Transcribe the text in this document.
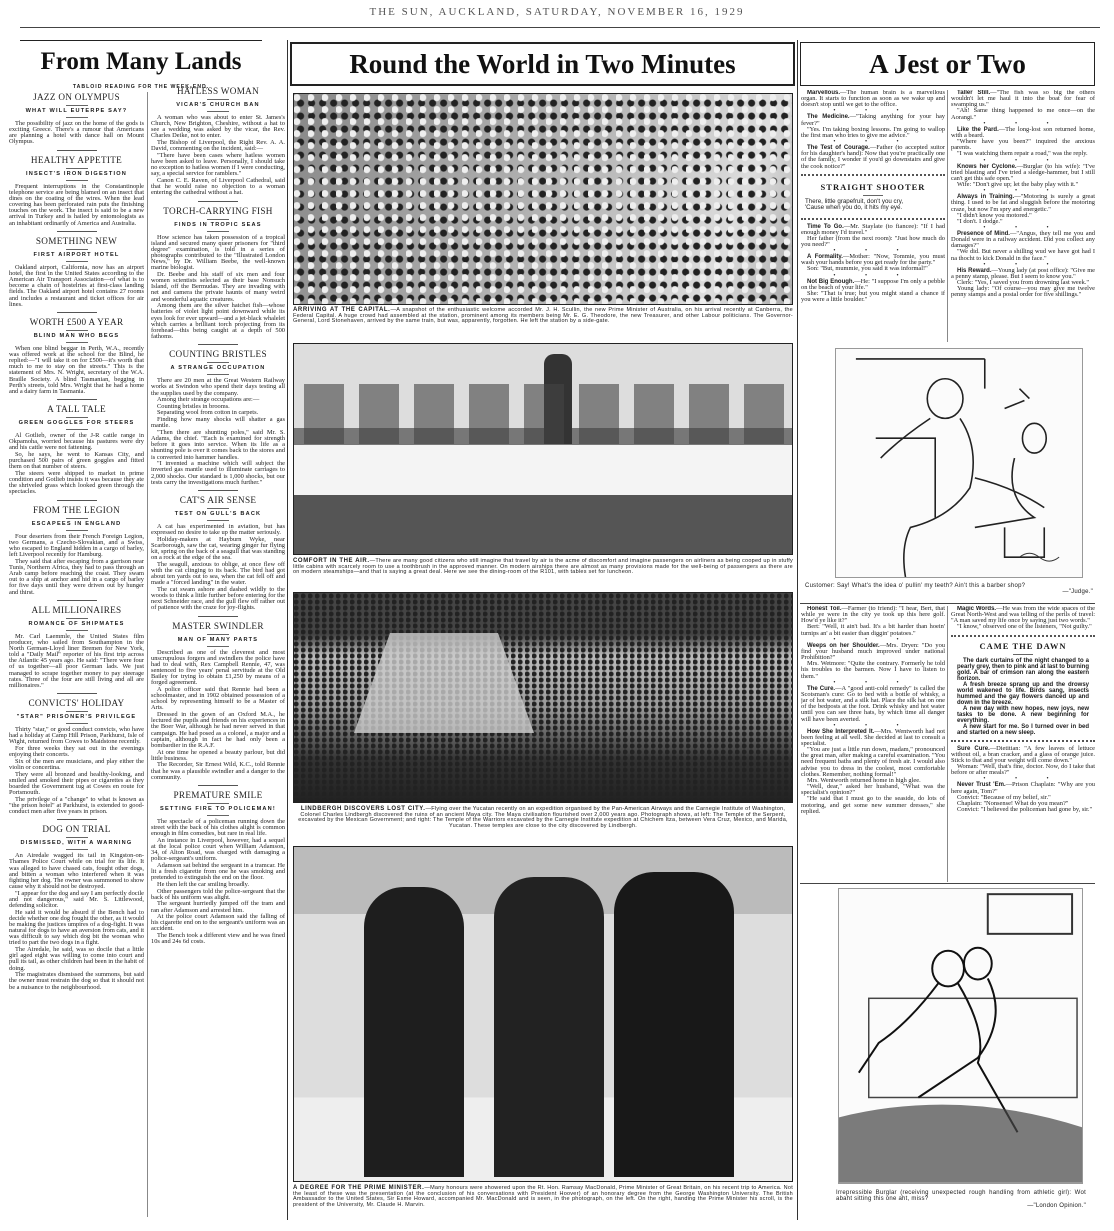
THE SUN, AUCKLAND, SATURDAY, NOVEMBER 16, 1929
From Many Lands
TABLOID READING FOR THE WEEK-END.
JAZZ ON OLYMPUS
WHAT WILL EUTERPE SAY?

The possibility of jazz on the home of the gods is exciting Greece. There's a rumour that Americans are planning a hotel with dance hall on Mount Olympus.

HEALTHY APPETITE
INSECT'S IRON DIGESTION

Frequent interruptions in the Constantinople telephone service are being blamed on an insect that dines on the coating of the wires. When the lead covering has been perforated rain puts the finishing touches on the work. The insect is said to be a new arrival in Turkey and is hailed by entomologists as an inhabitant ordinarily of America and Australia.

SOMETHING NEW
FIRST AIRPORT HOTEL

Oakland airport, California, now has an airport hotel, the first in the United States according to the American Air Transport Association—of what is to become a chain of hostelries at first-class landing fields. The Oakland airport hotel contains 27 rooms and includes a restaurant and ticket offices for air lines.

WORTH £500 A YEAR
BLIND MAN WHO BEGS

When one blind beggar in Perth, W.A., recently was offered work at the school for the Blind, he replied:—"I will take it on for £500—it's worth that much to me to stay on the streets." This is the statement of Mrs. N. Wright, secretary of the W.A. Braille Society. A blind Tasmanian, begging in Perth's streets, told Mrs. Wright that he had a home and a dairy farm in Tasmania.

A TALL TALE
GREEN GOGGLES FOR STEERS

Al Gotlieb, owner of the J-R cattle range in Okpamoha, worried because his pastures were dry and his cattle were not fattening.

So, he says, he went to Kansas City, and purchased 500 pairs of green goggles and fitted them on that number of steers.

The steers were shipped to market in prime condition and Gotlieb insists it was because they ate the shriveled grass which looked green through the spectacles.

FROM THE LEGION
ESCAPEES IN ENGLAND

Four deserters from their French Foreign Legion, two Germans, a Czecho-Slovakian, and a Swiss, who escaped to England hidden in a cargo of barley, left Liverpool recently for Hamburg.

They said that after escaping from a garrison near Tunis, Northern Africa, they had to pass through an Arab camp before reaching the coast. They swam out to a ship at anchor and hid in a cargo of barley for five days until they were driven out by hunger and thirst.

ALL MILLIONAIRES
ROMANCE OF SHIPMATES

Mr. Carl Laemmle, the United States film producer, who sailed from Southampton in the North German-Lloyd liner Bremen for New York, told a "Daily Mail" reporter of his first trip across the Atlantic 45 years ago. He said: "There were four of us together—all poor German lads. We just managed to scrape together money to pay steerage rates. Three of the four are still living and all are millionaires."

CONVICTS' HOLIDAY
"STAR" PRISONER'S PRIVILEGE

Thirty "star," or good conduct convicts, who have had a holiday at Camp Hill Prison, Parkhurst, Isle of Wight, returned from Cowes to Maidstone recently.

For three weeks they sat out in the evenings enjoying their concerts.

Six of the men are musicians, and play either the violin or concertina.

They were all bronzed and healthy-looking, and smiled and smoked their pipes or cigarettes as they boarded the Government tug at Cowes en route for Portsmouth.

The privilege of a "change" to what is known as "the prison hotel" at Parkhurst, is extended to good-conduct men after five years in prison.

DOG ON TRIAL
DISMISSED, WITH A WARNING

An Airedale wagged its tail in Kingston-on-Thames Police Court while on trial for its life. It was alleged to have chased cats, fought other dogs, and bitten a woman who interfered when it was fighting her dog. The owner was summoned to show cause why it should not be destroyed.

"I appear for the dog and say I am perfectly docile and not dangerous," said Mr. S. Littlewood, defending solicitor.

He said it would be absurd if the Bench had to decide whether one dog fought the other, as it would be making the justices umpires of a dog-fight. It was natural for dogs to have an aversion from cats, and it was difficult to say which dog bit the woman who tried to part the two dogs in a fight.

The Airedale, he said, was so docile that a little girl aged eight was willing to come into court and pull its tail, as other children had been in the habit of doing.

The magistrates dismissed the summons, but said the owner must restrain the dog so that it should not be a nuisance to the neighbourhood.

HATLESS WOMAN
VICAR'S CHURCH BAN

A woman who was about to enter St. James's Church, New Brighton, Cheshire, without a hat to see a wedding was asked by the vicar, the Rev. Charles Deike, not to enter.

The Bishop of Liverpool, the Right Rev. A. A. David, commenting on the incident, said:—

"There have been cases where hatless women have been asked to leave. Personally, I should take no exception to hatless women if I were conducting, say, a special service for ramblers."

Canon C. E. Raven, of Liverpool Cathedral, said that he would raise no objection to a woman entering the cathedral without a hat.

TORCH-CARRYING FISH
FINDS IN TROPIC SEAS

How science has taken possession of a tropical island and secured many queer prisoners for "third degree" examination, is told in a series of photographs contributed to the "Illustrated London News," by Dr. William Beebe, the well-known marine biologist.

Dr. Beebe and his staff of six men and four women scientists selected as their base Nonsuch Island, off the Bermudas. They are invading with net and camera the private haunts of many weird and wonderful aquatic creatures.

Among them are the silver hatchet fish—whose batteries of violet light point downward while its eyes look for ever upward—and a jet-black whalelet which carries a brilliant torch projecting from its forehead—this being caught at a depth of 500 fathoms.

COUNTING BRISTLES
A STRANGE OCCUPATION

There are 20 men at the Great Western Railway works at Swindon who spend their days testing all the supplies used by the company.

Among their strange occupations are:—

Counting bristles in brooms.

Separating wool from cotton in carpets.

Finding how many shocks will shatter a gas mantle.

"Then there are shunting poles," said Mr. S. Adams, the chief. "Each is examined for strength before it goes into service. When its life as a shunting pole is over it comes back to the stores and is converted into hammer handles.

"I invented a machine which will subject the inverted gas mantle used to illuminate carriages to 2,000 shocks. Our standard is 1,000 shocks, but our tests carry the investigations much further."

CAT'S AIR SENSE
TEST ON GULL'S BACK

A cat has experimented in aviation, but has expressed no desire to take up the matter seriously.

Holiday-makers at Hayburn Wyke, near Scarborough, saw the cat, wearing ginger fur flying kit, spring on the back of a seagull that was standing on a rock at the edge of the sea.

The seagull, anxious to oblige, at once flew off with the cat clinging to its back. The bird had got about ten yards out to sea, when the cat fell off and made a "forced landing" in the water.

The cat swam ashore and dashed wildly to the woods to think a little further before entering for the next Schneider race, and the gull flew off rather out of patience with the craze for joy-flights.

MASTER SWINDLER
MAN OF MANY PARTS

Described as one of the cleverest and most unscrupulous forgers and swindlers the police have had to deal with, Rex Campbell Rennie, 47, was sentenced to five years' penal servitude at the Old Bailey for trying to obtain £1,250 by means of a forged agreement.

A police officer said that Rennie had been a schoolmaster, and in 1902 obtained possession of a school by representing himself to be a Master of Arts.

Dressed in the gown of an Oxford M.A., he lectured the pupils and friends on his experiences in the Boer War, although he had never served in that campaign. He had posed as a colonel, a major and a captain, although in fact he had only been a bombardier in the R.A.F.

At one time he opened a beauty parlour, but did little business.

The Recorder, Sir Ernest Wild, K.C., told Rennie that he was a plausible swindler and a danger to the community.

PREMATURE SMILE
SETTING FIRE TO POLICEMAN!

The spectacle of a policeman running down the street with the back of his clothes alight is common enough in film comedies, but rare in real life.

An instance in Liverpool, however, had a sequel at the local police court when William Adamson, 34, of Alton Road, was charged with damaging a police-sergeant's uniform.

Adamson sat behind the sergeant in a tramcar. He lit a fresh cigarette from one he was smoking and pretended to extinguish the end on the floor.

He then left the car smiling broadly.

Other passengers told the police-sergeant that the back of his uniform was alight.

The sergeant hurriedly jumped off the tram and ran after Adamson and arrested him.

At the police court Adamson said the falling of his cigarette end on to the sergeant's uniform was an accident.

The Bench took a different view and he was fined 10s and 24s 6d costs.

Round the World in Two Minutes
ARRIVING AT THE CAPITAL.—A snapshot of the enthusiastic welcome accorded Mr. J. H. Scullin, the new Prime Minister of Australia, on his arrival recently at Canberra, the Federal Capital. A huge crowd had assembled at the station, prominent among its members being Mr. E. G. Theodore, the new Treasurer, and other Labour politicians. The Governor-General, Lord Stonehaven, arrived by the same train, but was, apparently, forgotten. He left the station by a side-gate.
COMFORT IN THE AIR.—There are many good citizens who still imagine that travel by air is the acme of discomfort and imagine passengers on airliners as being cooped up in stuffy little cabins with scarcely room to use a toothbrush in the approved manner. On modern airships there are almost as many provisions made for the well-being of passengers as there are on modern steamships—and that is saying a great deal. Here we see the dining-room of the R101, with tables set for luncheon.
LINDBERGH DISCOVERS LOST CITY.—Flying over the Yucatan recently on an expedition organised by the Pan-American Airways and the Carnegie Institute of Washington, Colonel Charles Lindbergh discovered the ruins of an ancient Maya city. The Maya civilisation flourished over 2,000 years ago. Photograph shows, at left: The Temple of the Serpent, excavated by the Mexican Government; and right: The Temple of the Warriors excavated by the Carnegie Institute expedition at Chichem Itza, between Vera Cruz, Mexico, and Marida, Yucatan. These temples are close to the city discovered by Lindbergh.
A DEGREE FOR THE PRIME MINISTER.—Many honours were showered upon the Rt. Hon. Ramsay MacDonald, Prime Minister of Great Britain, on his recent trip to America. Not the least of these was the presentation (at the conclusion of his conversations with President Hoover) of an honorary degree from the George Washington University. The British Ambassador to the United States, Sir Esme Howard, accompanied Mr. MacDonald and is seen, in the photograph, on the left. On the right, handing the Prime Minister his scroll, is the president of the University, Mr. Claude H. Marvin.
A Jest or Two

Marvellous.—The human brain is a marvellous organ. It starts to function as soon as we wake up and doesn't stop until we get to the office.

• • •

The Medicine.—"Taking anything for your hay fever?"

"Yes. I'm taking boxing lessons. I'm going to wallop the first man who tries to give me advice."

• • •

The Test of Courage.—Father (to accepted suitor for his daughter's hand): Now that you're practically one of the family, I wonder if you'd go downstairs and give the cook notice?"

STRAIGHT SHOOTER

There, little grapefruit, don't you cry,

'Cause when you do, it hits my eye.

Time To Go.—Mr. Staylate (to fiancee): "If I had enough money I'd travel."

Her father (from the next room): "Just how much do you need?"

• • •

A Formality.—Mother: "Now, Tommie, you must wash your hands before you get ready for the party."

Son: "But, mummie, you said it was informal!"

• • •

Not Big Enough.—He: "I suppose I'm only a pebble on the beach of your life."

She: "That is true; but you might stand a chance if you were a little boulder."

Taller Still.—"The fish was so big the others wouldn't let me haul it into the boat for fear of swamping us."

"Ah! Same thing happened to me once—on the Aorangi."

• • •

Like the Pard.—The long-lost son returned home, with a beard.

"Where have you been?" inquired the anxious parents.

"I was watching them repair a road," was the reply.

• • •

Knows her Cyclone.—Burglar (to his wife): "I've tried blasting and I've tried a sledge-hammer, but I still can't get this safe open."

Wife: "Don't give up; let the baby play with it."

• • •

Always in Training.—"Motoring is surely a great thing. I used to be fat and sluggish before the motoring craze, but now I'm spry and energetic."

"I didn't know you motored."

"I don't. I dodge."

• • •

Presence of Mind.—"Angus, they tell me you and Donald were in a railway accident. Did you collect any damages?"

"We did. But never a shilling wud we have got had I na thocht to kick Donald in the face."

• • •

His Reward.—Young lady (at post office): "Give me a penny stamp, please. But I seem to know you."

Clerk: "Yes, I saved you from drowning last week."

Young lady: "Of course—you may give me twelve penny stamps and a postal order for five shillings."

Customer: Say! What's the idea o' pullin' my teeth? Ain't this a barber shop?
—"Judge."

Honest Toil.—Farmer (to friend): "I hear, Bert, that while ye were in the city ye took up this here golf. How'd ye like it?"

Bert: "Well, it ain't bad. It's a bit harder than hoein' turnips an' a bit easier than diggin' potatoes."

• • •

Weeps on her Shoulder.—Mrs. Dryen: "Do you find your husband much improved under national Prohibition?"

Mrs. Wetmore: "Quite the contrary. Formerly he told his troubles to the barmen. Now I have to listen to them."

• • •

The Cure.—A "good anti-cold remedy" is called the Scotsman's cure: Go to bed with a bottle of whisky, a jar of hot water, and a silk hat. Place the silk hat on one of the bedposts at the foot. Drink whisky and hot water until you can see three hats, by which time all danger will have been averted.

• • •

How She Interpreted It.—Mrs. Wentworth had not been feeling at all well. She decided at last to consult a specialist.

"You are just a little run down, madam," pronounced the great man, after making a careful examination. "You need frequent baths and plenty of fresh air. I would also advise you to dress in the coolest, most comfortable clothes. Remember, nothing formal!"

Mrs. Wentworth returned home in high glee.

"Well, dear," asked her husband, "What was the specialist's opinion?"

"He said that I must go to the seaside, do lots of motoring, and get some new summer dresses," she replied.

Magic Words.—He was from the wide spaces of the Great North-West and was telling of the perils of travel: "A man saved my life once by saying just two words."

"I know," observed one of the listeners, "Not guilty."

CAME THE DAWN

The dark curtains of the night changed to a pearly grey, then to pink and at last to burning gold. A bar of crimson ran along the eastern horizon.

A fresh breeze sprang up and the drowsy world wakened to life. Birds sang, insects hummed and the gay flowers danced up and down in the breeze.

A new day with new hopes, new joys, new tasks to be done. A new beginning for everything.

A new start for me. So I turned over in bed and started on a new sleep.

Sure Cure.—Dietitian: "A few leaves of lettuce without oil, a bran cracker, and a glass of orange juice. Stick to that and your weight will come down."

Woman: "Well, that's fine, doctor. Now, do I take that before or after meals?"

• • •

Never Trust 'Em.—Prison Chaplain: "Why are you here again, Tom?"

Convict: "Because of my belief, sir."

Chaplain: "Nonsense! What do you mean?"

Convict: "I believed the policeman had gone by, sir."

Irrepressible Burglar (receiving unexpected rough handling from athletic girl): Wot abaht sitting this one aht, miss?
—"London Opinion."
